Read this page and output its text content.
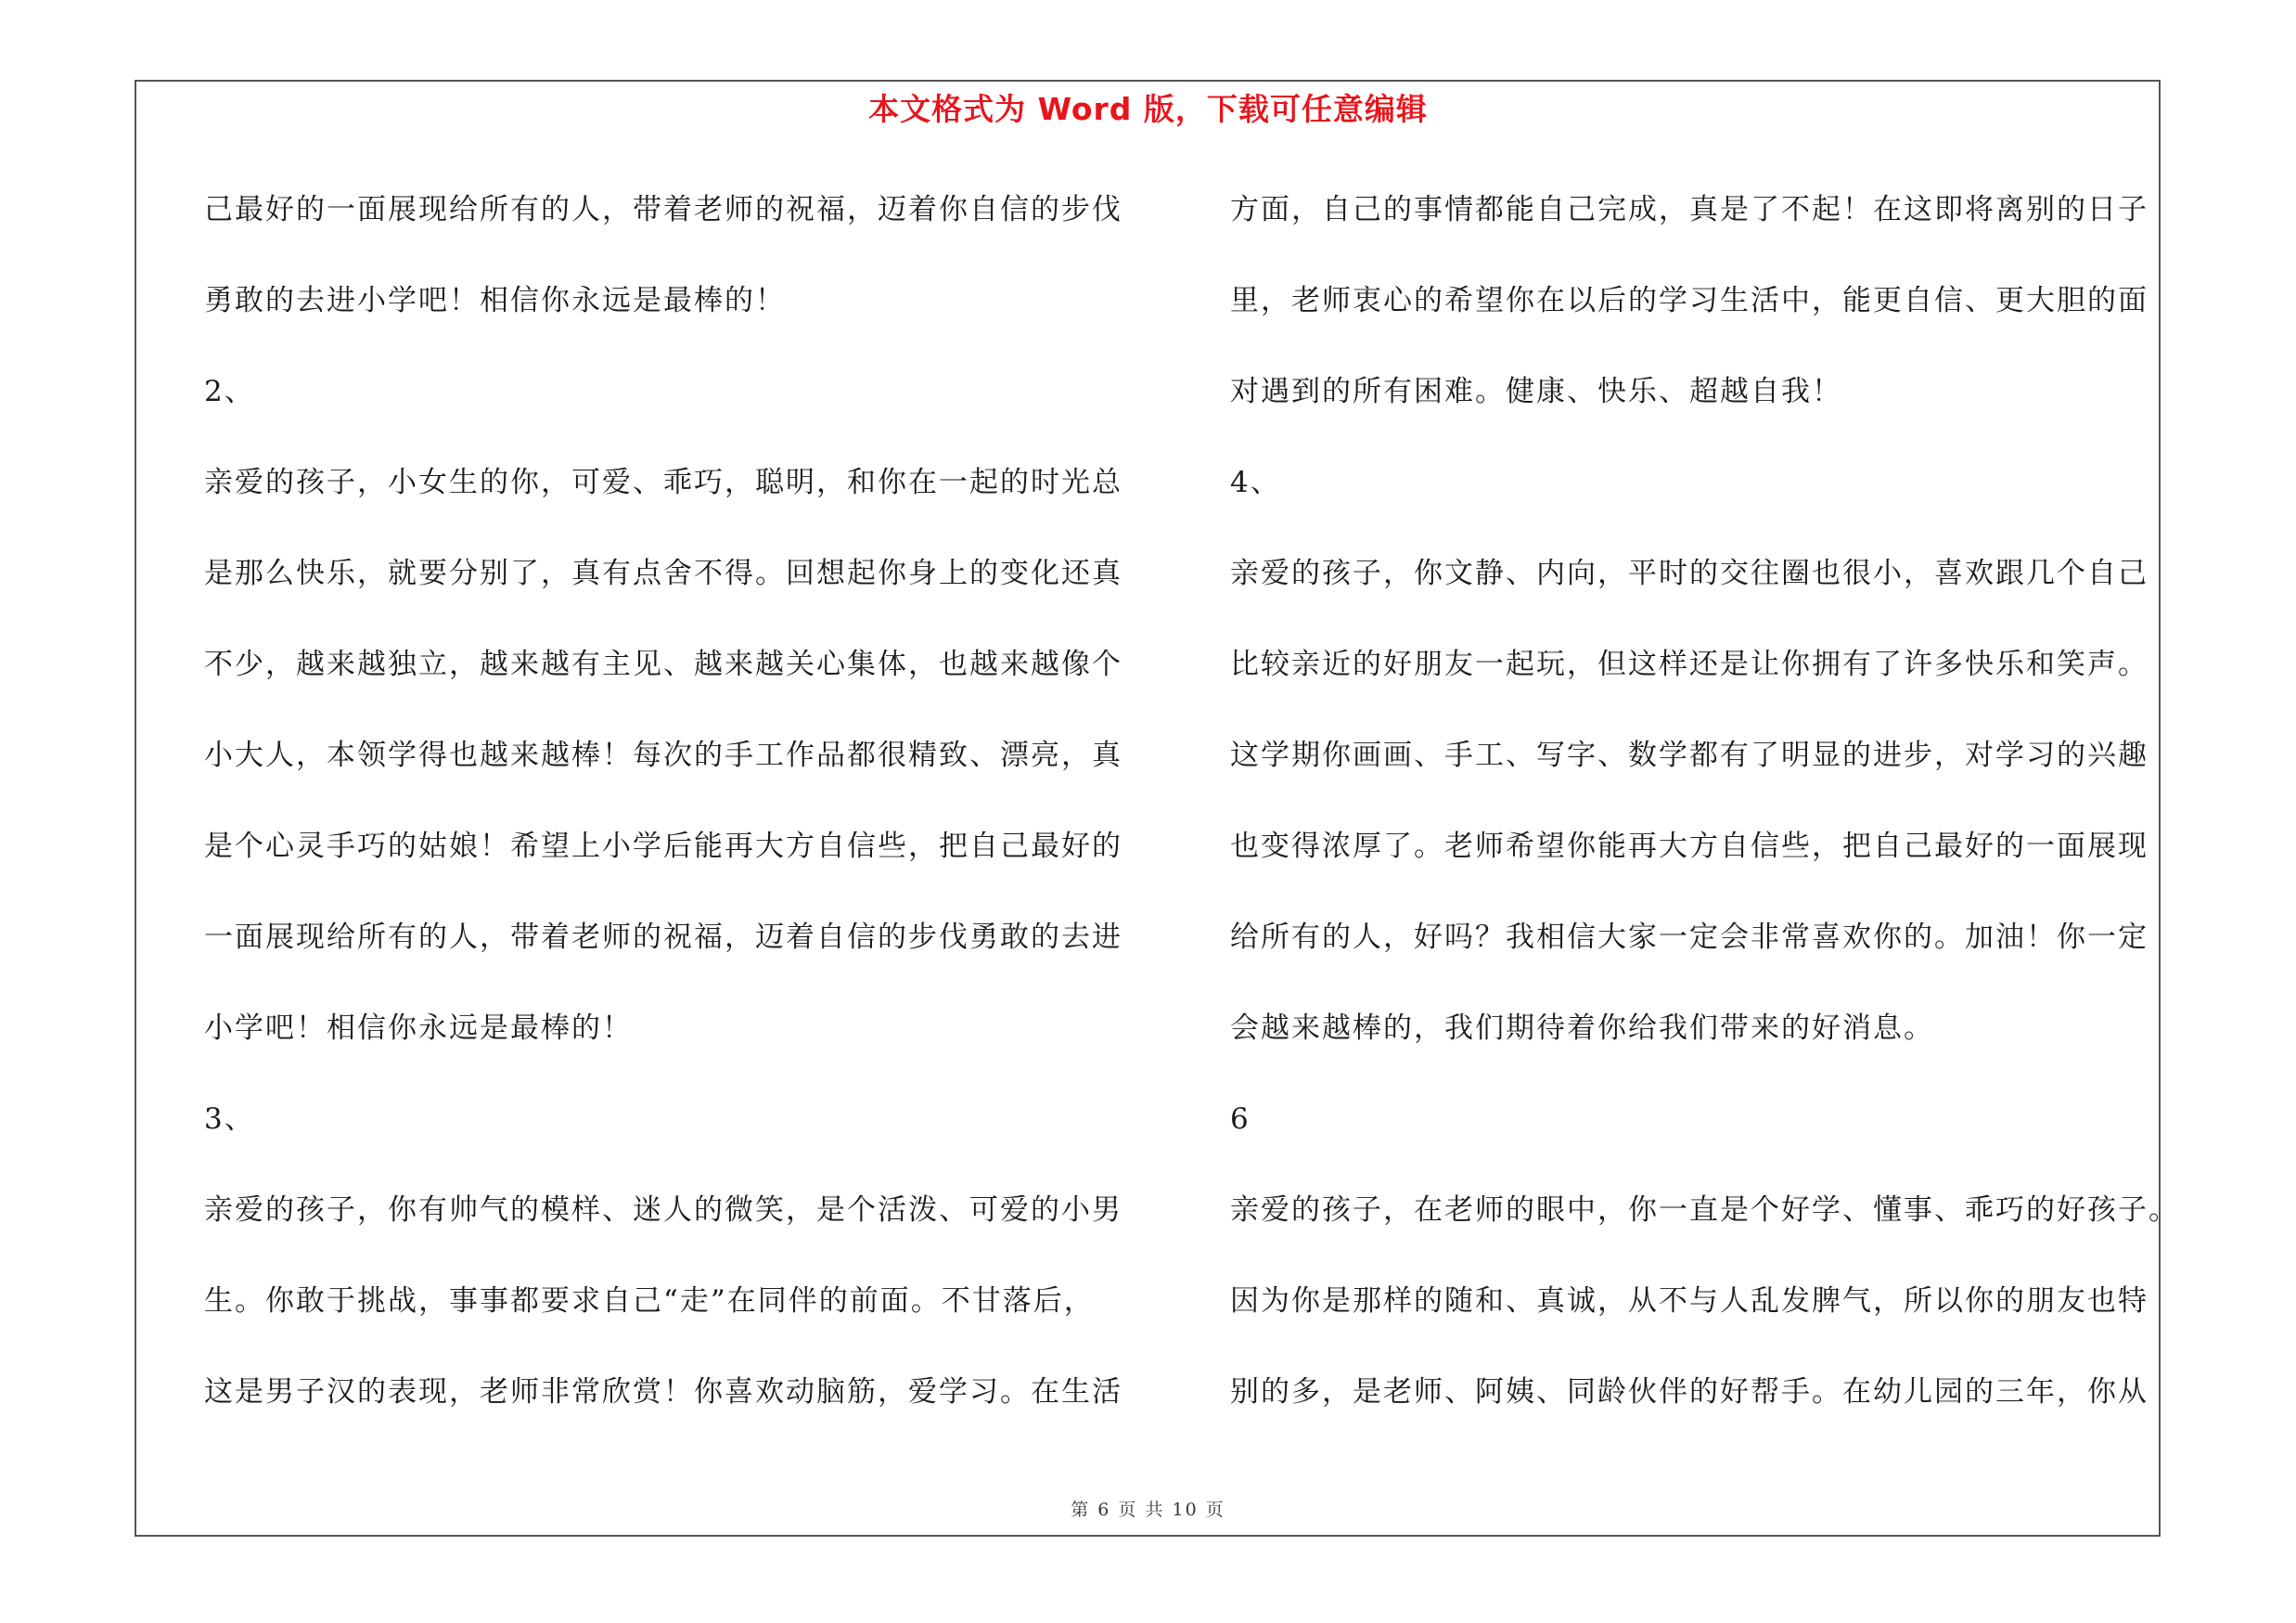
本文格式为 Word 版，下载可任意编辑
己最好的一面展现给所有的人，带着老师的祝福，迈着你自信的步伐
勇敢的去进小学吧！相信你永远是最棒的！
2、
亲爱的孩子，小女生的你，可爱、乖巧，聪明，和你在一起的时光总
是那么快乐，就要分别了，真有点舍不得。回想起你身上的变化还真
不少，越来越独立，越来越有主见、越来越关心集体，也越来越像个
小大人，本领学得也越来越棒！每次的手工作品都很精致、漂亮，真
是个心灵手巧的姑娘！希望上小学后能再大方自信些，把自己最好的
一面展现给所有的人，带着老师的祝福，迈着自信的步伐勇敢的去进
小学吧！相信你永远是最棒的！
3、
亲爱的孩子，你有帅气的模样、迷人的微笑，是个活泼、可爱的小男
生。你敢于挑战，事事都要求自己“走”在同伴的前面。不甘落后，
这是男子汉的表现，老师非常欣赏！你喜欢动脑筋，爱学习。在生活
方面，自己的事情都能自己完成，真是了不起！在这即将离别的日子
里，老师衷心的希望你在以后的学习生活中，能更自信、更大胆的面
对遇到的所有困难。健康、快乐、超越自我！
4、
亲爱的孩子，你文静、内向，平时的交往圈也很小，喜欢跟几个自己
比较亲近的好朋友一起玩，但这样还是让你拥有了许多快乐和笑声。
这学期你画画、手工、写字、数学都有了明显的进步，对学习的兴趣
也变得浓厚了。老师希望你能再大方自信些，把自己最好的一面展现
给所有的人，好吗？我相信大家一定会非常喜欢你的。加油！你一定
会越来越棒的，我们期待着你给我们带来的好消息。
6
亲爱的孩子，在老师的眼中，你一直是个好学、懂事、乖巧的好孩子。
因为你是那样的随和、真诚，从不与人乱发脾气，所以你的朋友也特
别的多，是老师、阿姨、同龄伙伴的好帮手。在幼儿园的三年，你从
第 6 页 共 10 页
